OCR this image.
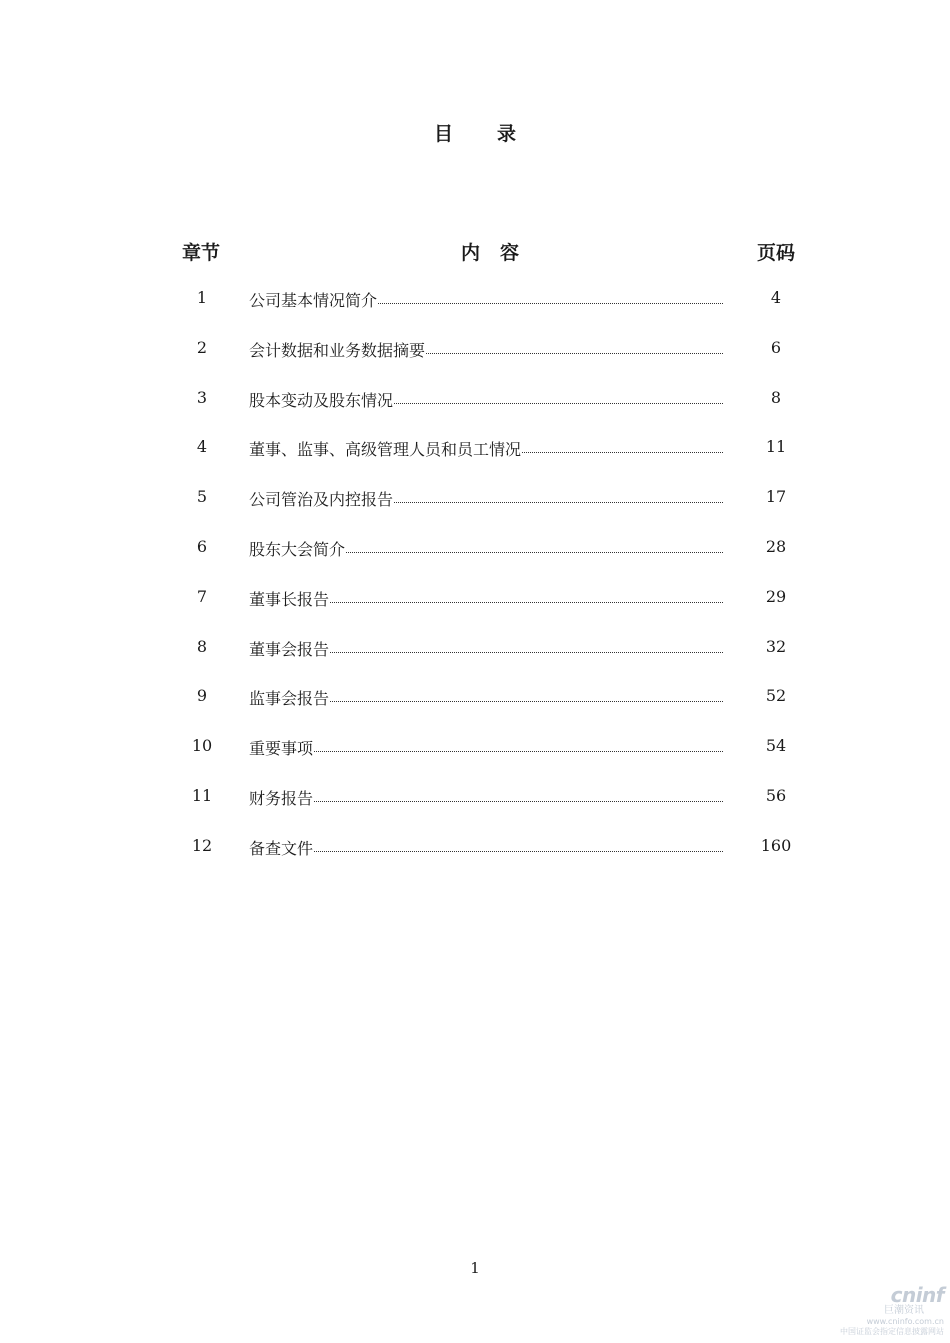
目录
章节	内容	页码
1	公司基本情况简介	4
2	会计数据和业务数据摘要	6
3	股本变动及股东情况	8
4	董事、监事、高级管理人员和员工情况	11
5	公司管治及内控报告	17
6	股东大会简介	28
7	董事长报告	29
8	董事会报告	32
9	监事会报告	52
10	重要事项	54
11	财务报告	56
12	备查文件	160
1
cninf
巨潮资讯
www.cninfo.com.cn
中国证监会指定信息披露网站
